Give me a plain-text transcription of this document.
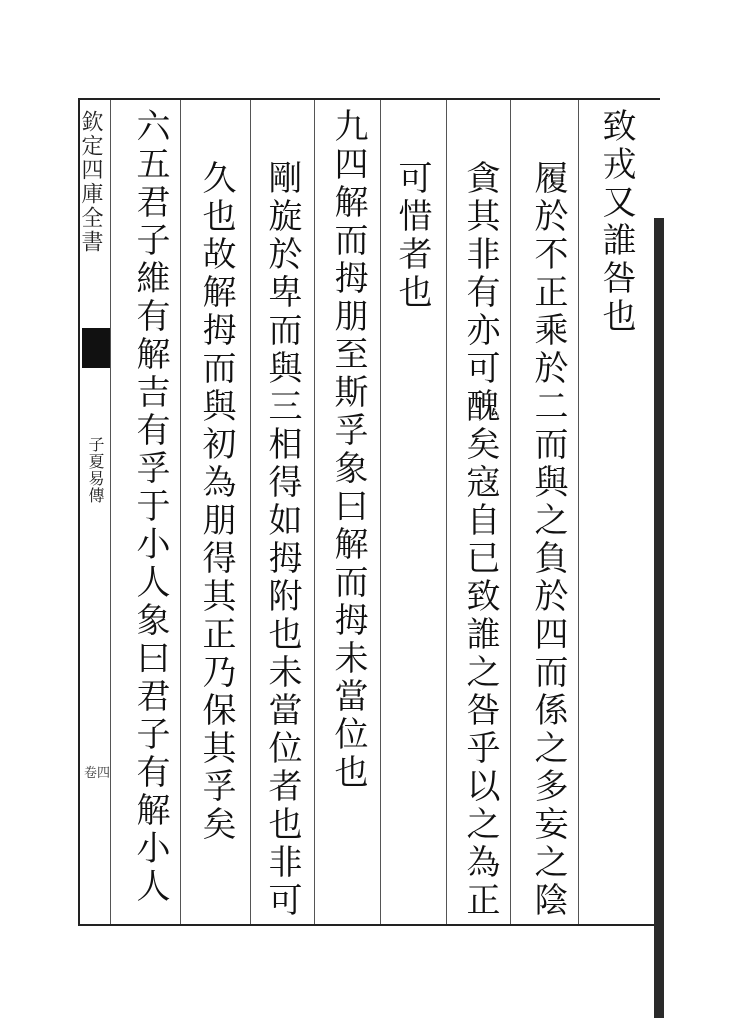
欽定四庫全書
子夏易傳
卷四
致戎又誰咎也
履於不正乘於二而與之負於四而係之多妄之陰
貪其非有亦可醜矣寇自已致誰之咎乎以之為正
可惜者也
九四解而拇朋至斯孚象曰解而拇未當位也
剛旋於卑而與三相得如拇附也未當位者也非可
久也故解拇而與初為朋得其正乃保其孚矣
六五君子維有解吉有孚于小人象曰君子有解小人
